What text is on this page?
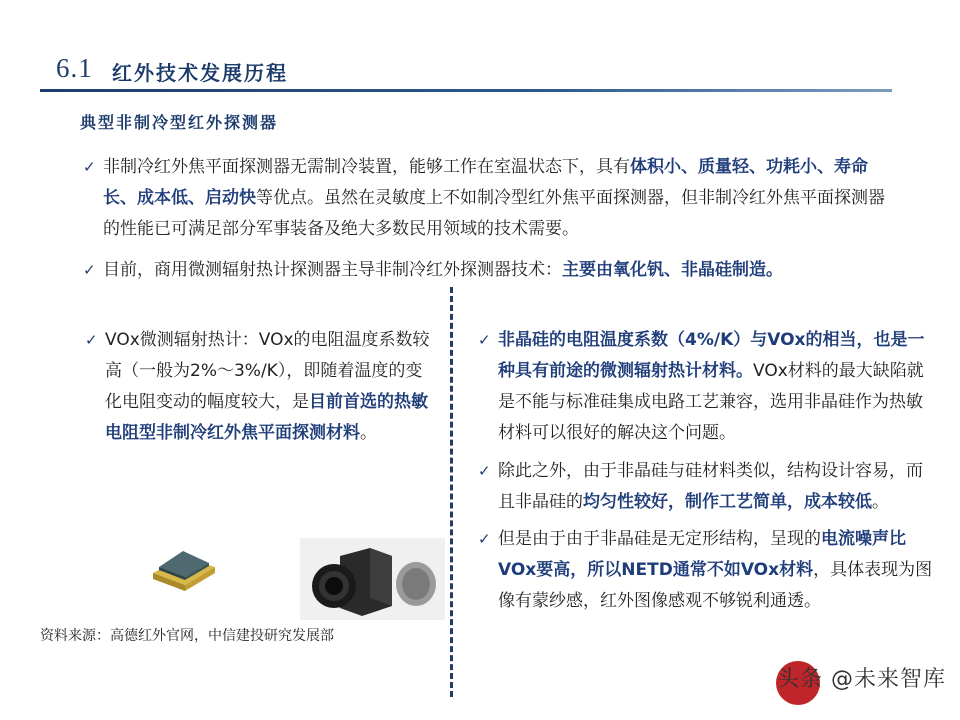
6.1 红外技术发展历程
典型非制冷型红外探测器
✓ 非制冷红外焦平面探测器无需制冷装置，能够工作在室温状态下，具有体积小、质量轻、功耗小、寿命长、成本低、启动快等优点。虽然在灵敏度上不如制冷型红外焦平面探测器，但非制冷红外焦平面探测器的性能已可满足部分军事装备及绝大多数民用领域的技术需要。
✓ 目前，商用微测辐射热计探测器主导非制冷红外探测器技术：主要由氧化钒、非晶硅制造。
✓ VOx微测辐射热计：VOx的电阻温度系数较高（一般为2%～3%/K），即随着温度的变化电阻变动的幅度较大，是目前首选的热敏电阻型非制冷红外焦平面探测材料。
✓ 非晶硅的电阻温度系数（4%/K）与VOx的相当，也是一种具有前途的微测辐射热计材料。VOx材料的最大缺陷就是不能与标准硅集成电路工艺兼容，选用非晶硅作为热敏材料可以很好的解决这个问题。
✓ 除此之外，由于非晶硅与硅材料类似，结构设计容易，而且非晶硅的均匀性较好，制作工艺简单，成本较低。
✓ 但是由于由于非晶硅是无定形结构，呈现的电流噪声比VOx要高，所以NETD通常不如VOx材料，具体表现为图像有蒙纱感，红外图像感观不够锐利通透。
资料来源：高德红外官网，中信建投研究发展部
头条 @未来智库
